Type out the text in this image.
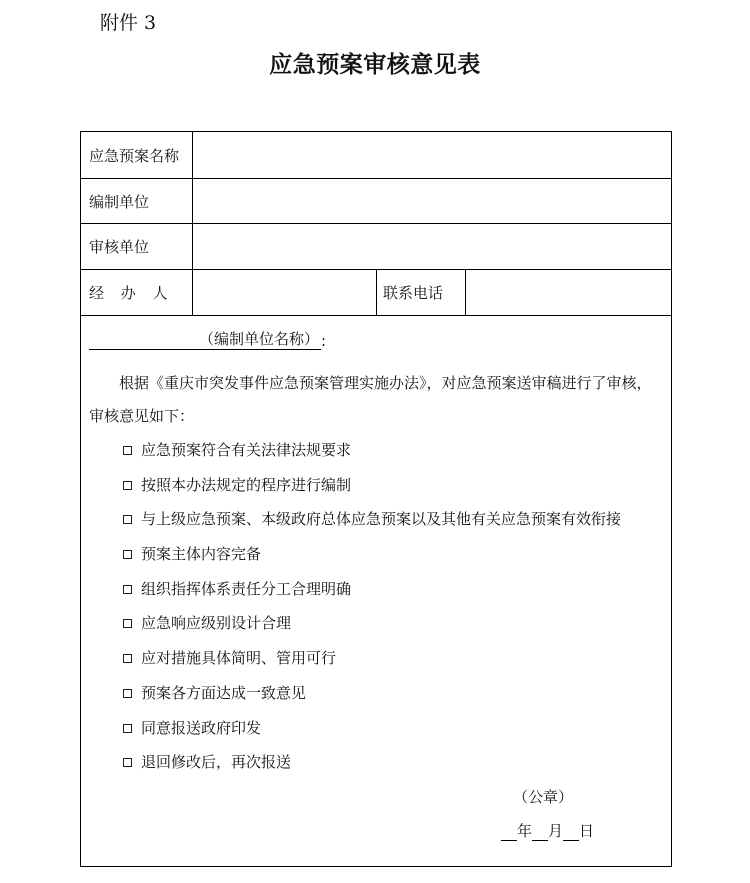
附件 3
应急预案审核意见表
应急预案名称
编制单位
审核单位
经 办 人	联系电话
（编制单位名称） :
根据《重庆市突发事件应急预案管理实施办法》，对应急预案送审稿进行了审核，
审核意见如下：
应急预案符合有关法律法规要求
按照本办法规定的程序进行编制
与上级应急预案、本级政府总体应急预案以及其他有关应急预案有效衔接
预案主体内容完备
组织指挥体系责任分工合理明确
应急响应级别设计合理
应对措施具体简明、管用可行
预案各方面达成一致意见
同意报送政府印发
退回修改后，再次报送
（公章）
年 月 日
